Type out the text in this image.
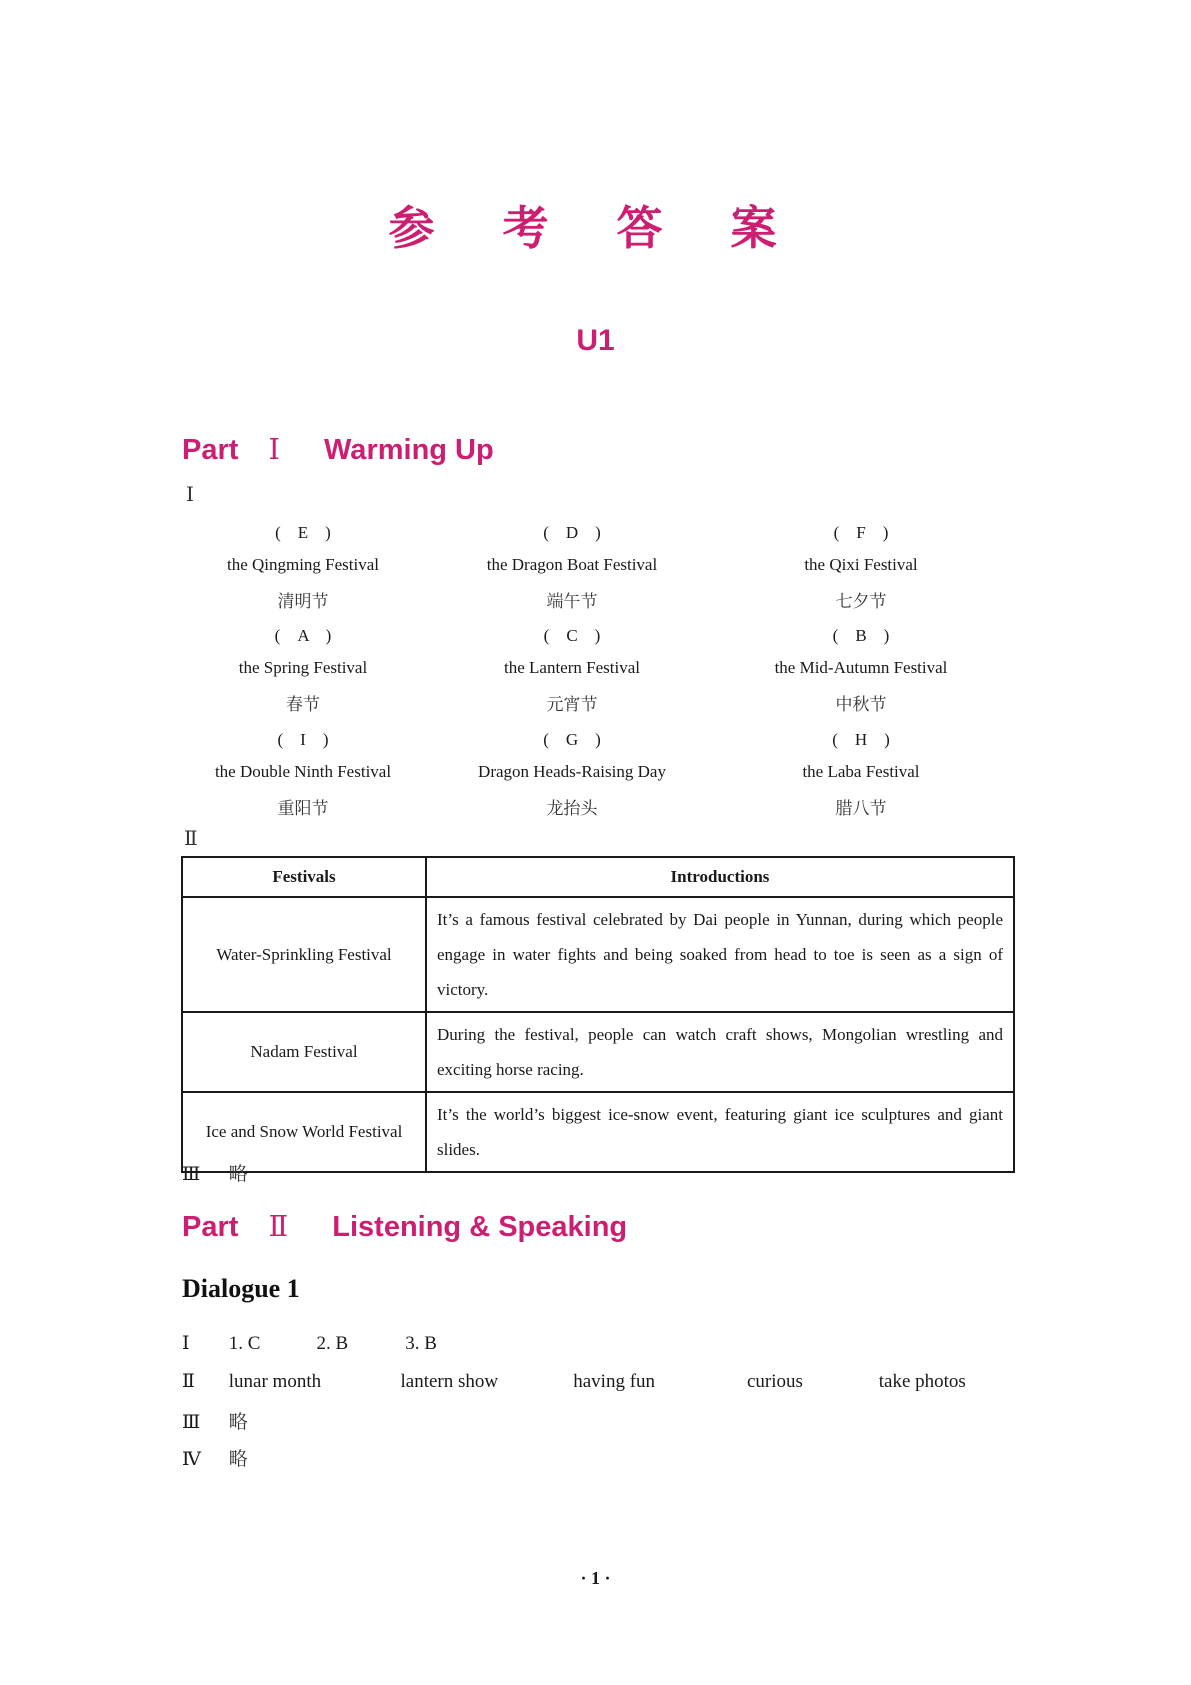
参 考 答 案
U1
Part Ⅰ Warming Up
Ⅰ
(　E　)	(　D　)	(　F　)
the Qingming Festival	the Dragon Boat Festival	the Qixi Festival
清明节	端午节	七夕节
(　A　)	(　C　)	(　B　)
the Spring Festival	the Lantern Festival	the Mid-Autumn Festival
春节	元宵节	中秋节
(　I　)	(　G　)	(　H　)
the Double Ninth Festival	Dragon Heads-Raising Day	the Laba Festival
重阳节	龙抬头	腊八节
Ⅱ
Festivals	Introductions
Water-Sprinkling Festival	It’s a famous festival celebrated by Dai people in Yunnan, during which people engage in water fights and being soaked from head to toe is seen as a sign of victory.
Nadam Festival	During the festival, people can watch craft shows, Mongolian wrestling and exciting horse racing.
Ice and Snow World Festival	It’s the world’s biggest ice-snow event, featuring giant ice sculptures and giant slides.
Ⅲ 略
Part Ⅱ Listening & Speaking
Dialogue 1
Ⅰ 1. C	2. B	3. B
Ⅱ lunar month	lantern show	having fun	curious	take photos
Ⅲ 略
Ⅳ 略
· 1 ·
